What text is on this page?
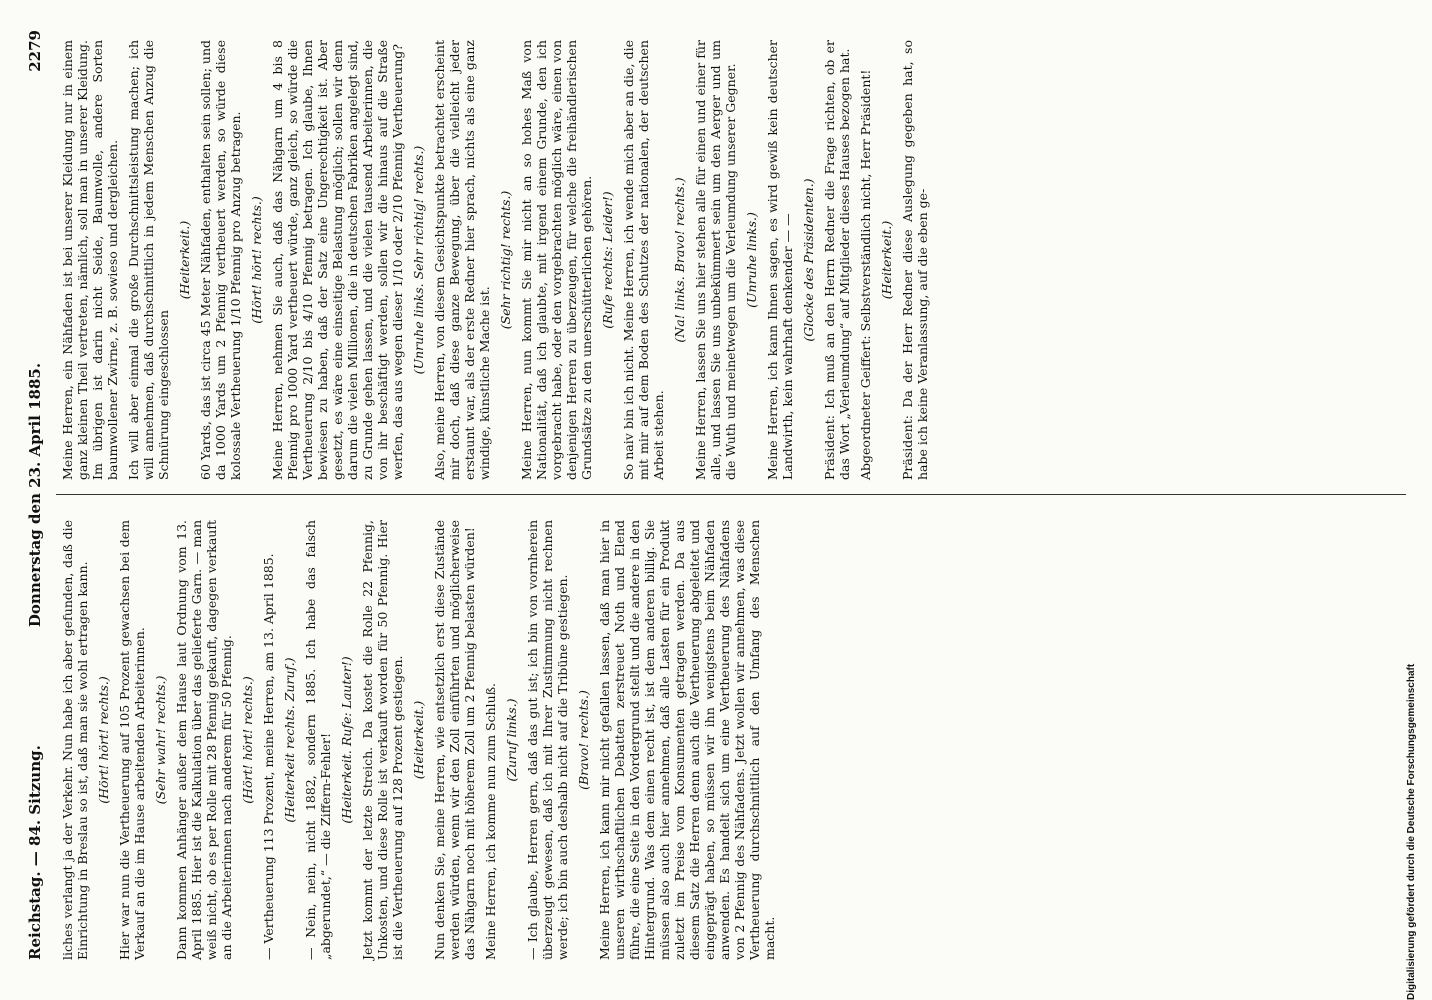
Reichstag. — 84. Sitzung.
Donnerstag den 23. April 1885.
2279

liches verlangt ja der Verkehr. Nun habe ich aber gefunden, daß die Einrichtung in Breslau so ist, daß man sie wohl ertragen kann. (Hört! hört! rechts.) Hier war nun die Vertheuerung auf 105 Prozent gewachsen bei dem Verkauf an die im Hause arbeitenden Arbeiterinnen. (Sehr wahr! rechts.) Dann kommen Anhänger außer dem Hause laut Ordnung vom 13. April 1885. Hier ist die Kalkulation über das gelieferte Garn. — man weiß nicht, ob es per Rolle mit 28 Pfennig gekauft, dagegen verkauft an die Arbeiterinnen nach anderem für 50 Pfennig. (Hört! hört! rechts.) — Vertheuerung 113 Prozent, meine Herren, am 13. April 1885. (Heiterkeit rechts. Zuruf.) — Nein, nein, nicht 1882, sondern 1885. Ich habe das falsch „abgerundet,“ — die Ziffern-Fehler! (Heiterkeit. Rufe: Lauter!) Jetzt kommt der letzte Streich. Da kostet die Rolle 22 Pfennig, Unkosten, und diese Rolle ist verkauft worden für 50 Pfennig. Hier ist die Vertheuerung auf 128 Prozent gestiegen. (Heiterkeit.) Nun denken Sie, meine Herren, wie entsetzlich erst diese Zustände werden würden, wenn wir den Zoll einführten und möglicherweise das Nähgarn noch mit höherem Zoll um 2 Pfennig belasten würden! Meine Herren, ich komme nun zum Schluß. (Zuruf links.) — Ich glaube, Herren gern, daß das gut ist; ich bin von vornherein überzeugt gewesen, daß ich mit Ihrer Zustimmung nicht rechnen werde; ich bin auch deshalb nicht auf die Tribüne gestiegen. (Bravo! rechts.) Meine Herren, ich kann mir nicht gefallen lassen, daß man hier in unseren wirthschaftlichen Debatten zerstreuet Noth und Elend führe, die eine Seite in den Vordergrund stellt und die andere in den Hintergrund. Was dem einen recht ist, ist dem anderen billig. Sie müssen also auch hier annehmen, daß alle Lasten für ein Produkt zuletzt im Preise vom Konsumenten getragen werden. Da aus diesem Satz die Herren denn auch die Vertheuerung abgeleitet und eingeprägt haben, so müssen wir ihn wenigstens beim Nähfaden anwenden. Es handelt sich um eine Vertheuerung des Nähfadens von 2 Pfennig des Nähfadens. Jetzt wollen wir annehmen, was diese Vertheuerung durchschnittlich auf den Umfang des Menschen macht.

Meine Herren, ein Nähfaden ist bei unserer Kleidung nur in einem ganz kleinen Theil vertreten, nämlich, soll man in unserer Kleidung. Im übrigen ist darin nicht Seide, Baumwolle, andere Sorten baumwollener Zwirne, z. B. sowieso und dergleichen. Ich will aber einmal die große Durchschnittsleistung machen; ich will annehmen, daß durchschnittlich in jedem Menschen Anzug die Schnürung eingeschlossen

(Heiterkeit.) 60 Yards, das ist circa 45 Meter Nähfaden, enthalten sein sollen; und da 1000 Yards um 2 Pfennig vertheuert werden, so würde diese kolossale Vertheuerung 1/10 Pfennig pro Anzug betragen. (Hört! hört! rechts.) Meine Herren, nehmen Sie auch, daß das Nähgarn um 4 bis 8 Pfennig pro 1000 Yard vertheuert würde, ganz gleich, so würde die Vertheuerung 2/10 bis 4/10 Pfennig betragen. Ich glaube, Ihnen bewiesen zu haben, daß der Satz eine Ungerechtigkeit ist. Aber gesetzt, es wäre eine einseitige Belastung möglich; sollen wir denn darum die vielen Millionen, die in deutschen Fabriken angelegt sind, zu Grunde gehen lassen, und die vielen tausend Arbeiterinnen, die von ihr beschäftigt werden, sollen wir die hinaus auf die Straße werfen, das aus wegen dieser 1/10 oder 2/10 Pfennig Vertheuerung? (Unruhe links. Sehr richtig! rechts.) Also, meine Herren, von diesem Gesichtspunkte betrachtet erscheint mir doch, daß diese ganze Bewegung, über die vielleicht jeder erstaunt war, als der erste Redner hier sprach, nichts als eine ganz windige, künstliche Mache ist.

(Sehr richtig! rechts.) Meine Herren, nun kommt Sie mir nicht an so hohes Maß von Nationalität, daß ich glaubte, mit irgend einem Grunde, den ich vorgebracht habe, oder den vorgebrachten möglich wäre, einen von denjenigen Herren zu überzeugen, für welche die freihändlerischen Grundsätze zu den unerschütterlichen gehören. (Rufe rechts: Leider!) So naiv bin ich nicht. Meine Herren, ich wende mich aber an die, die mit mir auf dem Boden des Schutzes der nationalen, der deutschen Arbeit stehen.

(Na! links. Bravo! rechts.) Meine Herren, lassen Sie uns hier stehen alle für einen und einer für alle, und lassen Sie uns unbekümmert sein um den Aerger und um die Wuth und meinetwegen um die Verleumdung unserer Gegner. (Unruhe links.) Meine Herren, ich kann Ihnen sagen, es wird gewiß kein deutscher Landwirth, kein wahrhaft denkender — — (Glocke des Präsidenten.) Präsident: Ich muß an den Herrn Redner die Frage richten, ob er das Wort „Verleumdung“ auf Mitglieder dieses Hauses bezogen hat. Abgeordneter Geiffert: Selbstverständlich nicht, Herr Präsident! (Heiterkeit.) Präsident: Da der Herr Redner diese Auslegung gegeben hat, so habe ich keine Veranlassung, auf die eben ge-

Digitalisierung gefördert durch die Deutsche Forschungsgemeinschaft
